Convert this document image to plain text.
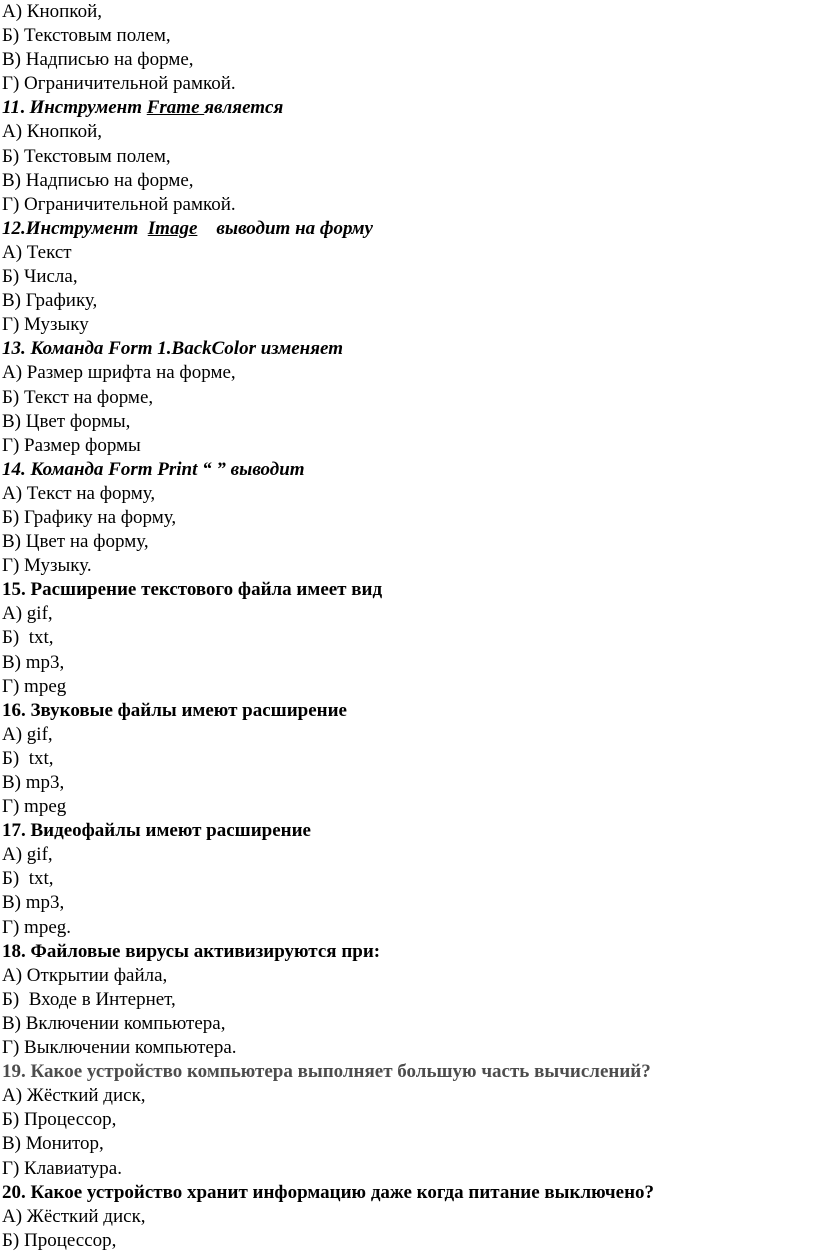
А) Кнопкой,
Б) Текстовым полем,
В) Надписью на форме,
Г) Ограничительной рамкой.
11. Инструмент Frame является
А) Кнопкой,
Б) Текстовым полем,
В) Надписью на форме,
Г) Ограничительной рамкой.
12.Инструмент  Image    выводит на форму
А) Текст
Б) Числа,
В) Графику,
Г) Музыку
13. Команда Form 1.BackColor изменяет
А) Размер шрифта на форме,
Б) Текст на форме,
В) Цвет формы,
Г) Размер формы
14. Команда Form Print “ ” выводит
А) Текст на форму,
Б) Графику на форму,
В) Цвет на форму,
Г) Музыку.
15. Расширение текстового файла имеет вид
А) gif,
Б)  txt,
В) mp3,
Г) mpeg
16. Звуковые файлы имеют расширение
А) gif,
Б)  txt,
В) mp3,
Г) mpeg
17. Видеофайлы имеют расширение
А) gif,
Б)  txt,
В) mp3,
Г) mpeg.
18. Файловые вирусы активизируются при:
А) Открытии файла,
Б)  Входе в Интернет,
В) Включении компьютера,
Г) Выключении компьютера.
19. Какое устройство компьютера выполняет большую часть вычислений?
А) Жёсткий диск,
Б) Процессор,
В) Монитор,
Г) Клавиатура.
20. Какое устройство хранит информацию даже когда питание выключено?
А) Жёсткий диск,
Б) Процессор,
